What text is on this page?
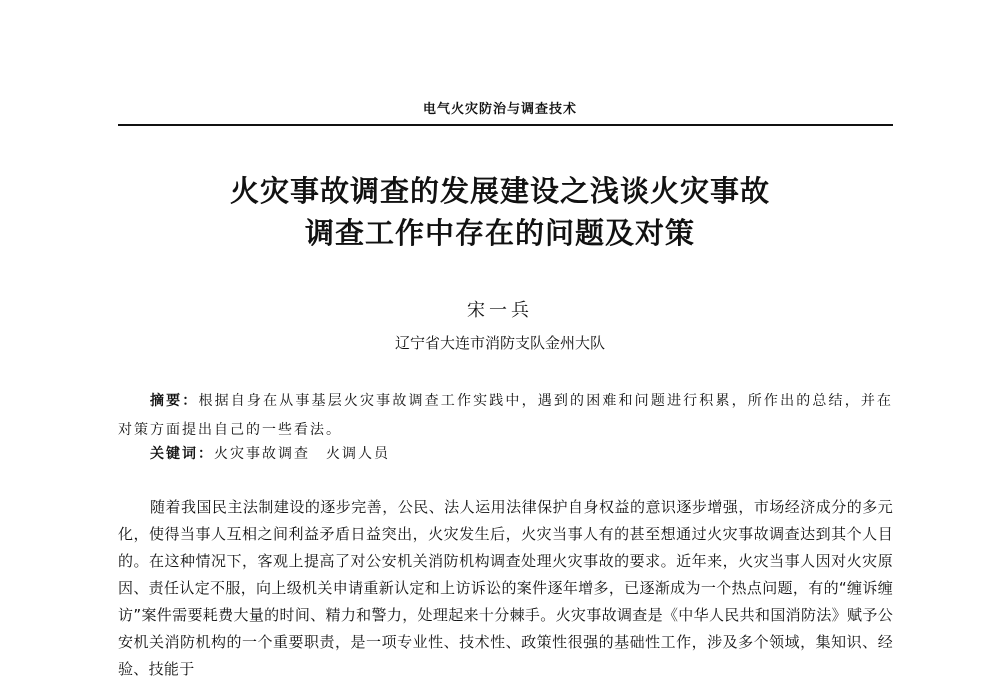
电气火灾防治与调查技术
火灾事故调查的发展建设之浅谈火灾事故
调查工作中存在的问题及对策
宋一兵
辽宁省大连市消防支队金州大队

摘要：根据自身在从事基层火灾事故调查工作实践中，遇到的困难和问题进行积累，所作出的总结，并在对策方面提出自己的一些看法。

关键词：火灾事故调查　火调人员

随着我国民主法制建设的逐步完善，公民、法人运用法律保护自身权益的意识逐步增强，市场经济成分的多元化，使得当事人互相之间利益矛盾日益突出，火灾发生后，火灾当事人有的甚至想通过火灾事故调查达到其个人目的。在这种情况下，客观上提高了对公安机关消防机构调查处理火灾事故的要求。近年来，火灾当事人因对火灾原因、责任认定不服，向上级机关申请重新认定和上访诉讼的案件逐年增多，已逐渐成为一个热点问题，有的“缠诉缠访”案件需要耗费大量的时间、精力和警力，处理起来十分棘手。火灾事故调查是《中华人民共和国消防法》赋予公安机关消防机构的一个重要职责，是一项专业性、技术性、政策性很强的基础性工作，涉及多个领域，集知识、经验、技能于
